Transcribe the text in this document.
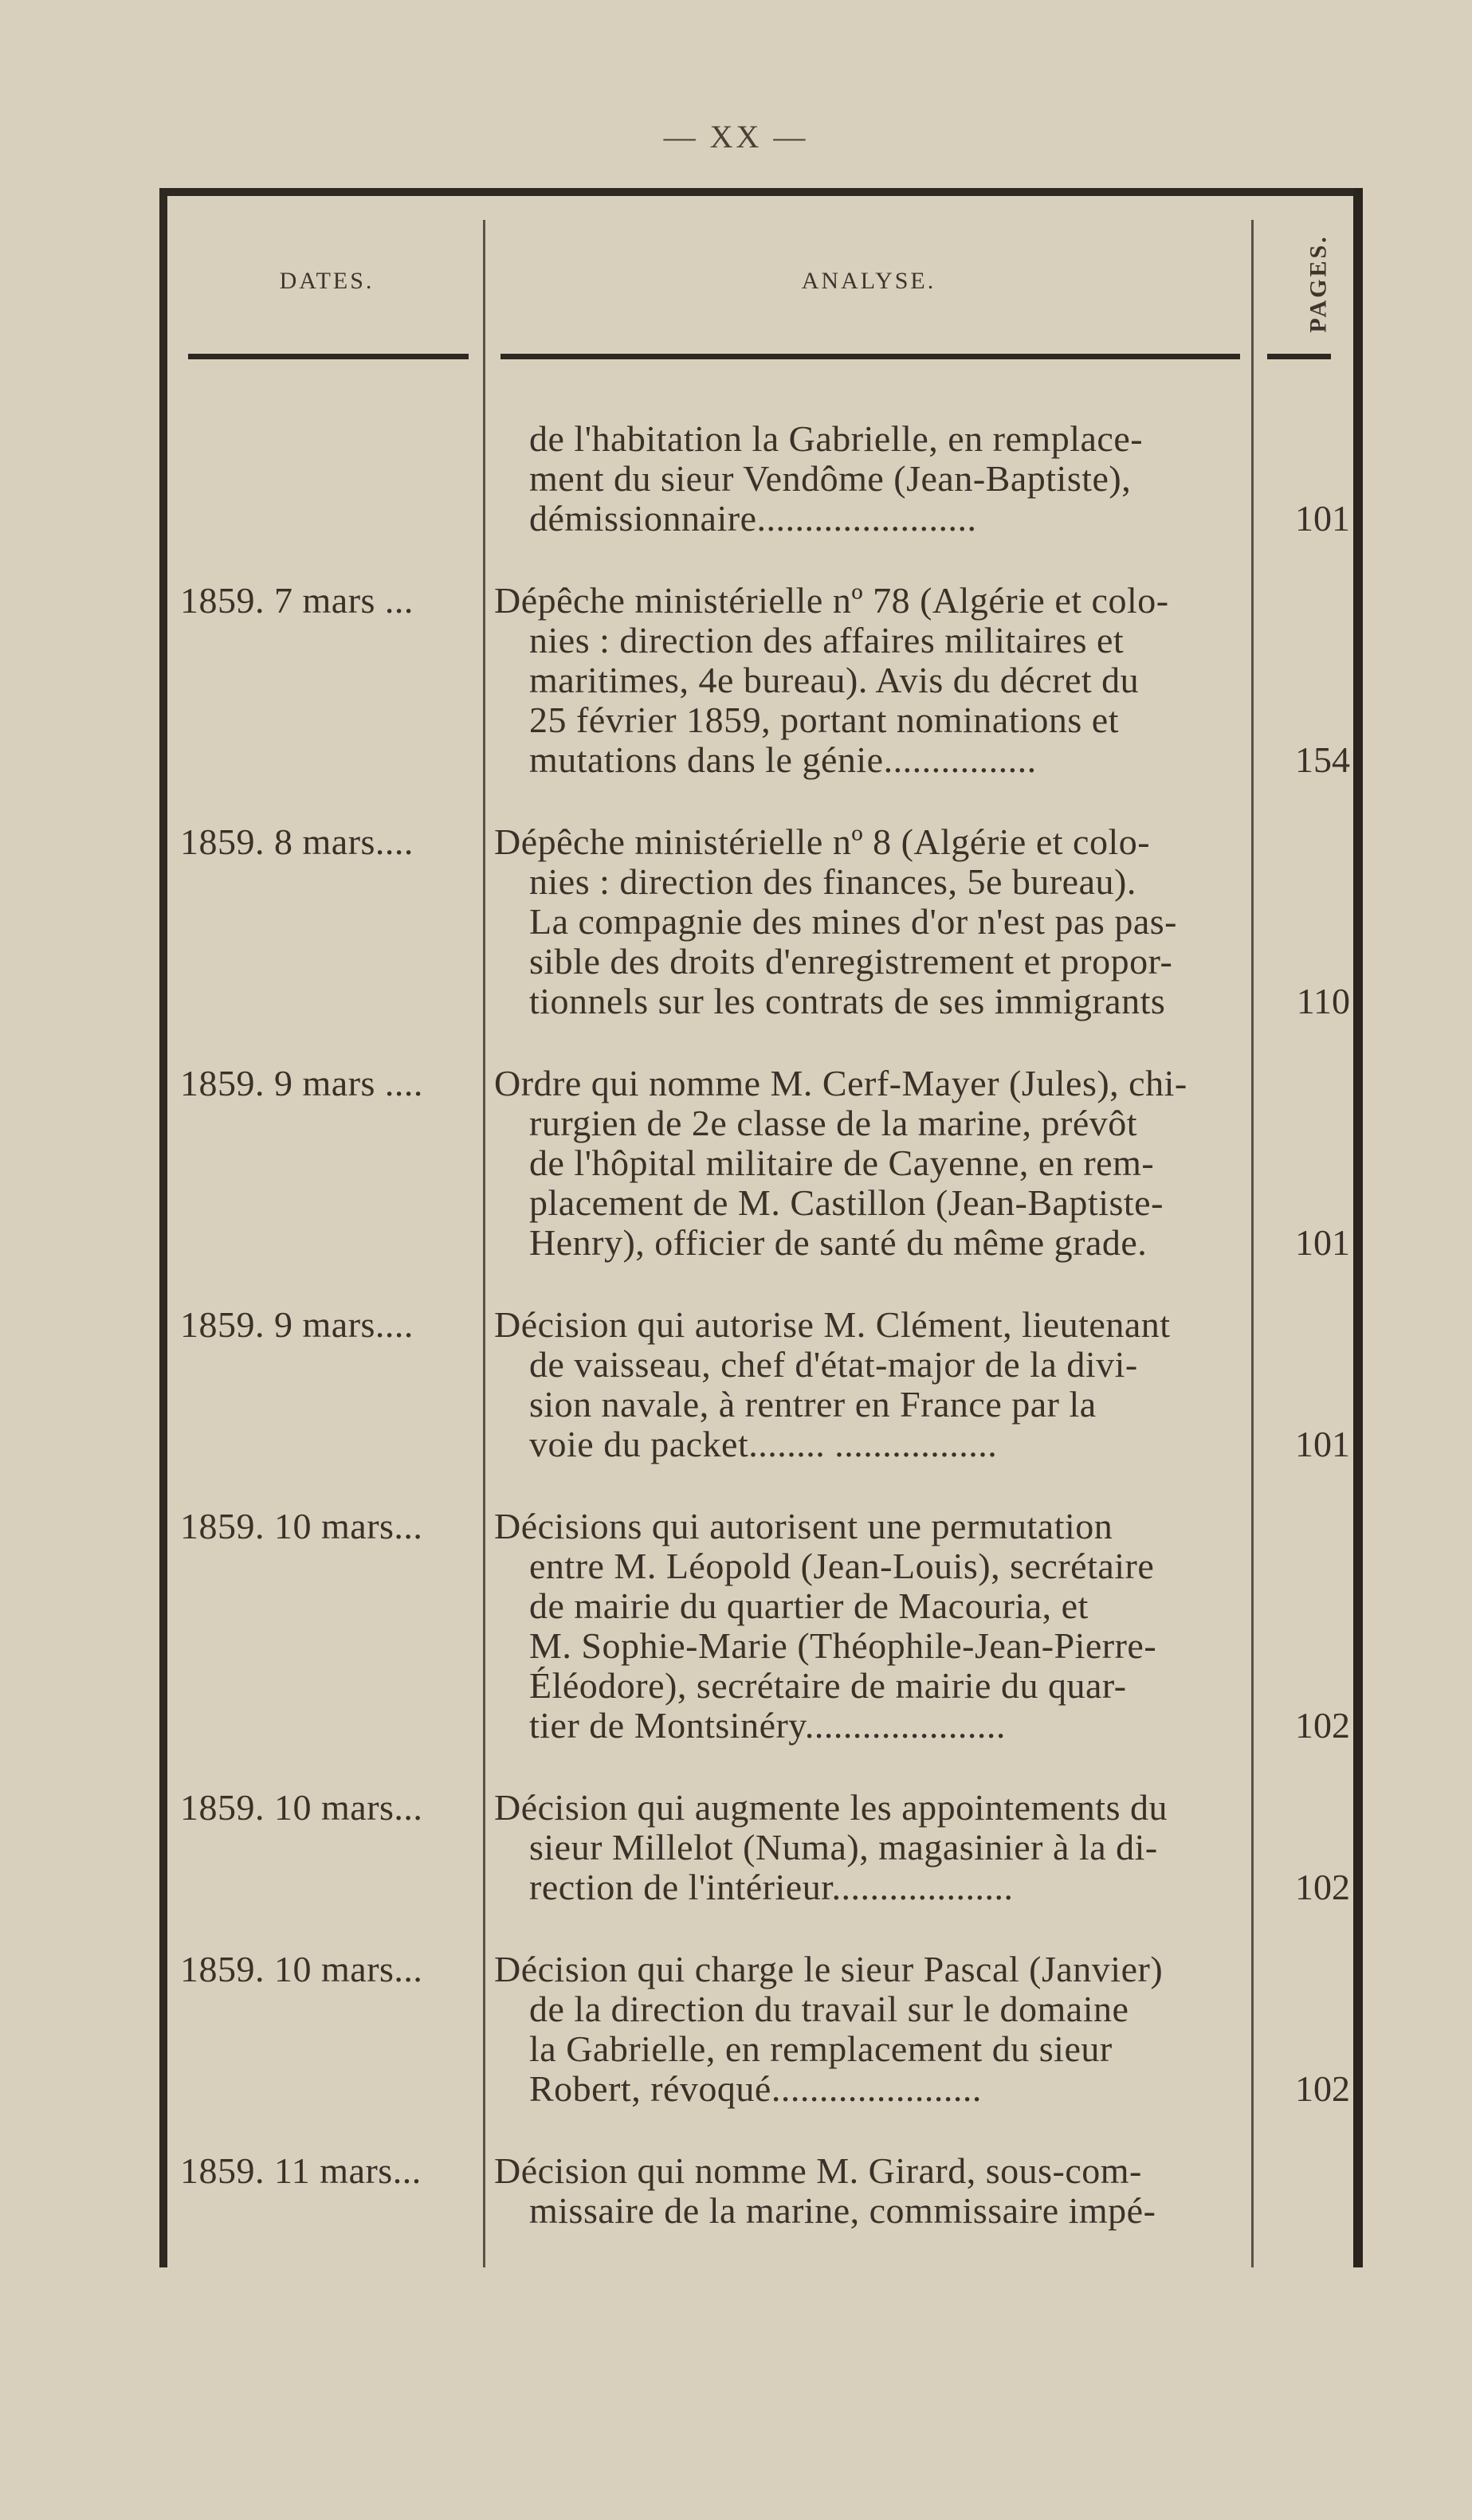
— XX —
DATES.	ANALYSE.	PAGES.
de l'habitation la Gabrielle, en remplace-
ment du sieur Vendôme (Jean-Baptiste),
démissionnaire.......................	101
1859. 7 mars ...	Dépêche ministérielle nº 78 (Algérie et colo-
nies : direction des affaires militaires et
maritimes, 4e bureau). Avis du décret du
25 février 1859, portant nominations et
mutations dans le génie................	154
1859. 8 mars....	Dépêche ministérielle nº 8 (Algérie et colo-
nies : direction des finances, 5e bureau).
La compagnie des mines d'or n'est pas pas-
sible des droits d'enregistrement et propor-
tionnels sur les contrats de ses immigrants	110
1859. 9 mars ....	Ordre qui nomme M. Cerf-Mayer (Jules), chi-
rurgien de 2e classe de la marine, prévôt
de l'hôpital militaire de Cayenne, en rem-
placement de M. Castillon (Jean-Baptiste-
Henry), officier de santé du même grade.	101
1859. 9 mars....	Décision qui autorise M. Clément, lieutenant
de vaisseau, chef d'état-major de la divi-
sion navale, à rentrer en France par la
voie du packet........ .................	101
1859. 10 mars...	Décisions qui autorisent une permutation
entre M. Léopold (Jean-Louis), secrétaire
de mairie du quartier de Macouria, et
M. Sophie-Marie (Théophile-Jean-Pierre-
Éléodore), secrétaire de mairie du quar-
tier de Montsinéry.....................	102
1859. 10 mars...	Décision qui augmente les appointements du
sieur Millelot (Numa), magasinier à la di-
rection de l'intérieur...................	102
1859. 10 mars...	Décision qui charge le sieur Pascal (Janvier)
de la direction du travail sur le domaine
la Gabrielle, en remplacement du sieur
Robert, révoqué......................	102
1859. 11 mars...	Décision qui nomme M. Girard, sous-com-
missaire de la marine, commissaire impé-
